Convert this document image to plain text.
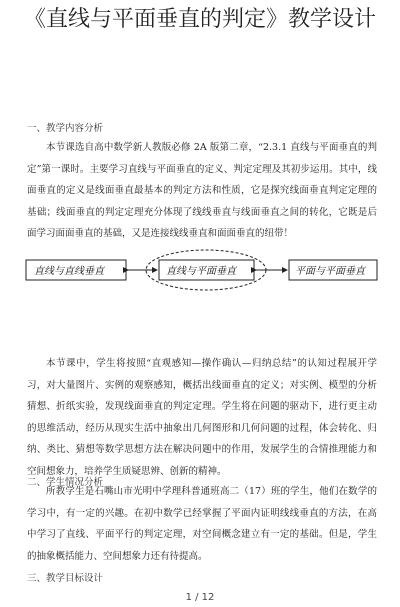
《直线与平面垂直的判定》教学设计
一、教学内容分析

本节课选自高中数学新人教版必修 2A 版第二章，“2.3.1 直线与平面垂直的判定”第一课时。主要学习直线与平面垂直的定义、判定定理及其初步运用。其中，线面垂直的定义是线面垂直最基本的判定方法和性质，它是探究线面垂直判定定理的基础；线面垂直的判定定理充分体现了线线垂直与线面垂直之间的转化，它既是后面学习面面垂直的基础，又是连接线线垂直和面面垂直的纽带！

直线与直线垂直	直线与平面垂直	平面与平面垂直

本节课中，学生将按照“直观感知—操作确认—归纳总结”的认知过程展开学习，对大量图片、实例的观察感知，概括出线面垂直的定义；对实例、模型的分析猜想、折纸实验，发现线面垂直的判定定理。学生将在问题的驱动下，进行更主动的思维活动，经历从现实生活中抽象出几何图形和几何问题的过程，体会转化、归纳、类比、猜想等数学思想方法在解决问题中的作用，发展学生的合情推理能力和空间想象力，培养学生质疑思辨、创新的精神。

二、学生情况分析

所教学生是石嘴山市光明中学理科普通班高二（17）班的学生，他们在数学的学习中，有一定的兴趣。在初中数学已经掌握了平面内证明线线垂直的方法，在高中学习了直线、平面平行的判定定理，对空间概念建立有一定的基础。但是，学生的抽象概括能力、空间想象力还有待提高。

三、教学目标设计
1 / 12
